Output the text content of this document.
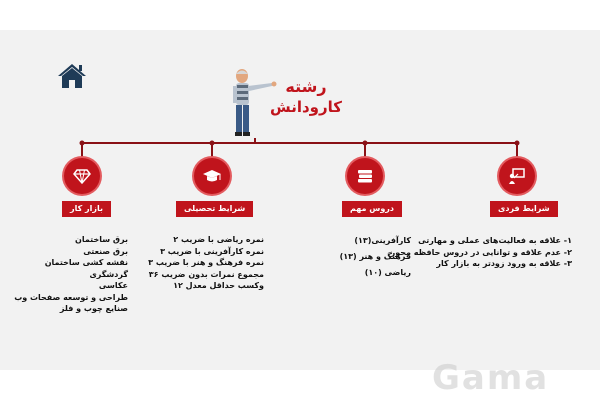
رشته
کارودانش
شرایط فردی
۱- علاقه به فعالیت‌های عملی و مهارتی
۲- عدم علاقه و توانایی در دروس حافظه محور
۳- علاقه به ورود زودتر به بازار کار
دروس مهم
کارآفرینی(۱۳)
فرهنگ و هنر (۱۳)
ریاضی (۱۰)
شرایط تحصیلی
نمره ریاضی با ضریب ۲
نمره کارآفرینی با ضریب ۳
نمره فرهنگ و هنر با ضریب ۳
مجموع نمرات بدون ضریب ۳۶
وکسب حداقل معدل ۱۲
بازار کار
برق ساختمان
برق صنعتی
نقشه کشی ساختمان
گردشگری
عکاسی
طراحی و توسعه صفحات وب
صنایع چوب و فلز
Gama
